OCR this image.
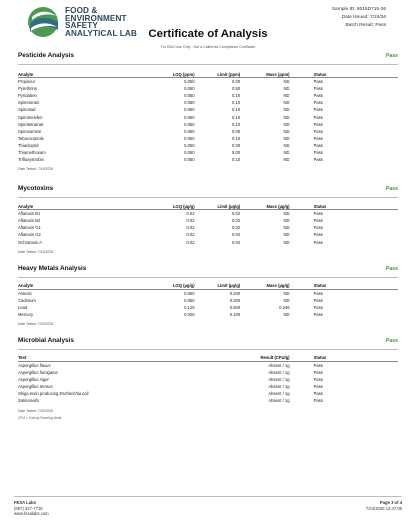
FOOD &
ENVIRONMENT
SAFETY
ANALYTICAL LAB
Sample ID: 8016D715-36
Date Issued: 7/24/26
Batch Result: Pass
Certificate of Analysis
For R&D Use Only - Not a California Compliance Certificate
Pesticide Analysis	Pass
Analyte	LOQ (ppm)	Limit (ppm)	Mass (ppm)	Status
Propoxur	0.050	0.00	ND	Pass
Pyrethrins	0.050	0.50	ND	Pass
Pyridaben	0.050	0.10	ND	Pass
Spinetoram	0.050	0.10	ND	Pass
Spinosad	0.050	0.10	ND	Pass
Spiromesifen	0.050	0.10	ND	Pass
Spirotetramat	0.050	0.10	ND	Pass
Spiroxamine	0.050	0.00	ND	Pass
Tebuconazole	0.050	0.10	ND	Pass
Thiacloprid	0.050	0.00	ND	Pass
Thiamethoxam	0.050	5.00	ND	Pass
Trifloxystrobin	0.050	0.10	ND	Pass
Date Tested: 7/16/2026
Mycotoxins	Pass
Analyte	LOQ (µg/g)	Limit (µg/g)	Mass (µg/g)	Status
Aflatoxin B1	0.02	0.02	ND	Pass
Aflatoxin B2	0.02	0.02	ND	Pass
Aflatoxin G1	0.02	0.02	ND	Pass
Aflatoxin G2	0.02	0.02	ND	Pass
Ochratoxin A	0.02	0.02	ND	Pass
Date Tested: 7/16/2026
Heavy Metals Analysis	Pass
Analyte	LOQ (µg/g)	Limit (µg/g)	Mass (µg/g)	Status
Arsenic	0.050	0.200	ND	Pass
Cadmium	0.050	0.200	ND	Pass
Lead	0.125	0.500	0.246	Pass
Mercury	0.025	0.100	ND	Pass
Date Tested: 7/20/2026
Microbial Analysis	Pass
Test	Result (CFU/g)	Status
Aspergillus flavus	Absent / 1g	Pass
Aspergillus fumigatus	Absent / 1g	Pass
Aspergillus niger	Absent / 1g	Pass
Aspergillus terreus	Absent / 1g	Pass
Shiga toxin producing Escherichia coli	Absent / 1g	Pass
Salmonella	Absent / 1g	Pass
Date Tested: 7/22/2026
CFU = Colony Forming Units
FESA Labs
(657) 317-7716
www.fesalabs.com
Page 3 of 4
7/24/2026 13:47:05
